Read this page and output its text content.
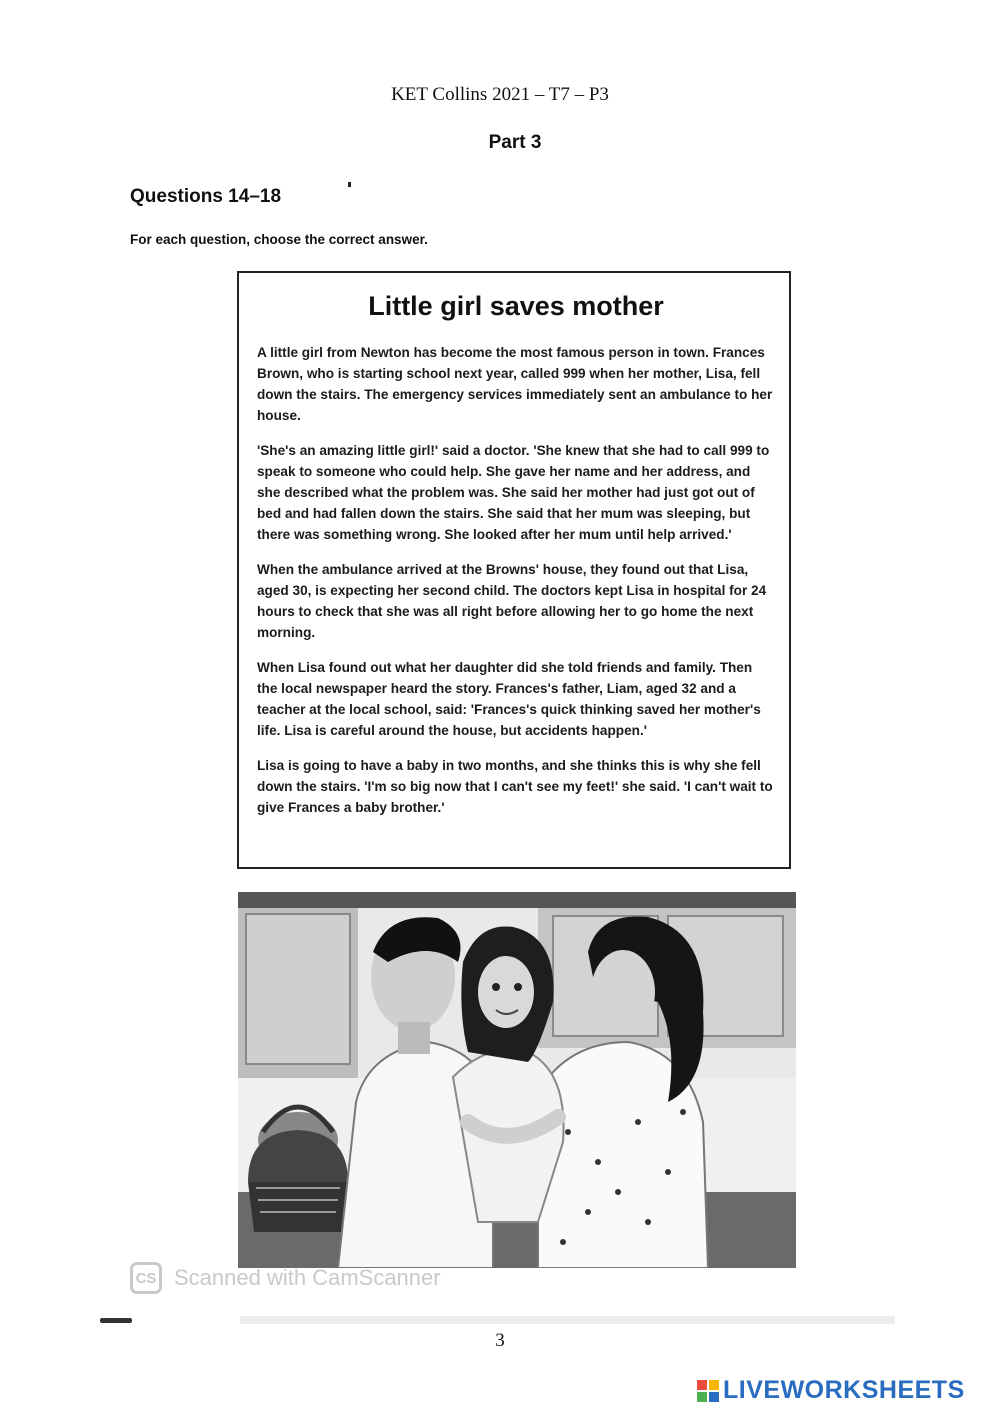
KET Collins 2021 – T7 – P3
Part 3
Questions 14–18
For each question, choose the correct answer.
Little girl saves mother

A little girl from Newton has become the most famous person in town. Frances Brown, who is starting school next year, called 999 when her mother, Lisa, fell down the stairs. The emergency services immediately sent an ambulance to her house.

'She's an amazing little girl!' said a doctor. 'She knew that she had to call 999 to speak to someone who could help. She gave her name and her address, and she described what the problem was. She said her mother had just got out of bed and had fallen down the stairs. She said that her mum was sleeping, but there was something wrong. She looked after her mum until help arrived.'

When the ambulance arrived at the Browns' house, they found out that Lisa, aged 30, is expecting her second child. The doctors kept Lisa in hospital for 24 hours to check that she was all right before allowing her to go home the next morning.

When Lisa found out what her daughter did she told friends and family. Then the local newspaper heard the story. Frances's father, Liam, aged 32 and a teacher at the local school, said: 'Frances's quick thinking saved her mother's life. Lisa is careful around the house, but accidents happen.'

Lisa is going to have a baby in two months, and she thinks this is why she fell down the stairs. 'I'm so big now that I can't see my feet!' she said. 'I can't wait to give Frances a baby brother.'

CS Scanned with CamScanner
3
LIVEWORKSHEETS
